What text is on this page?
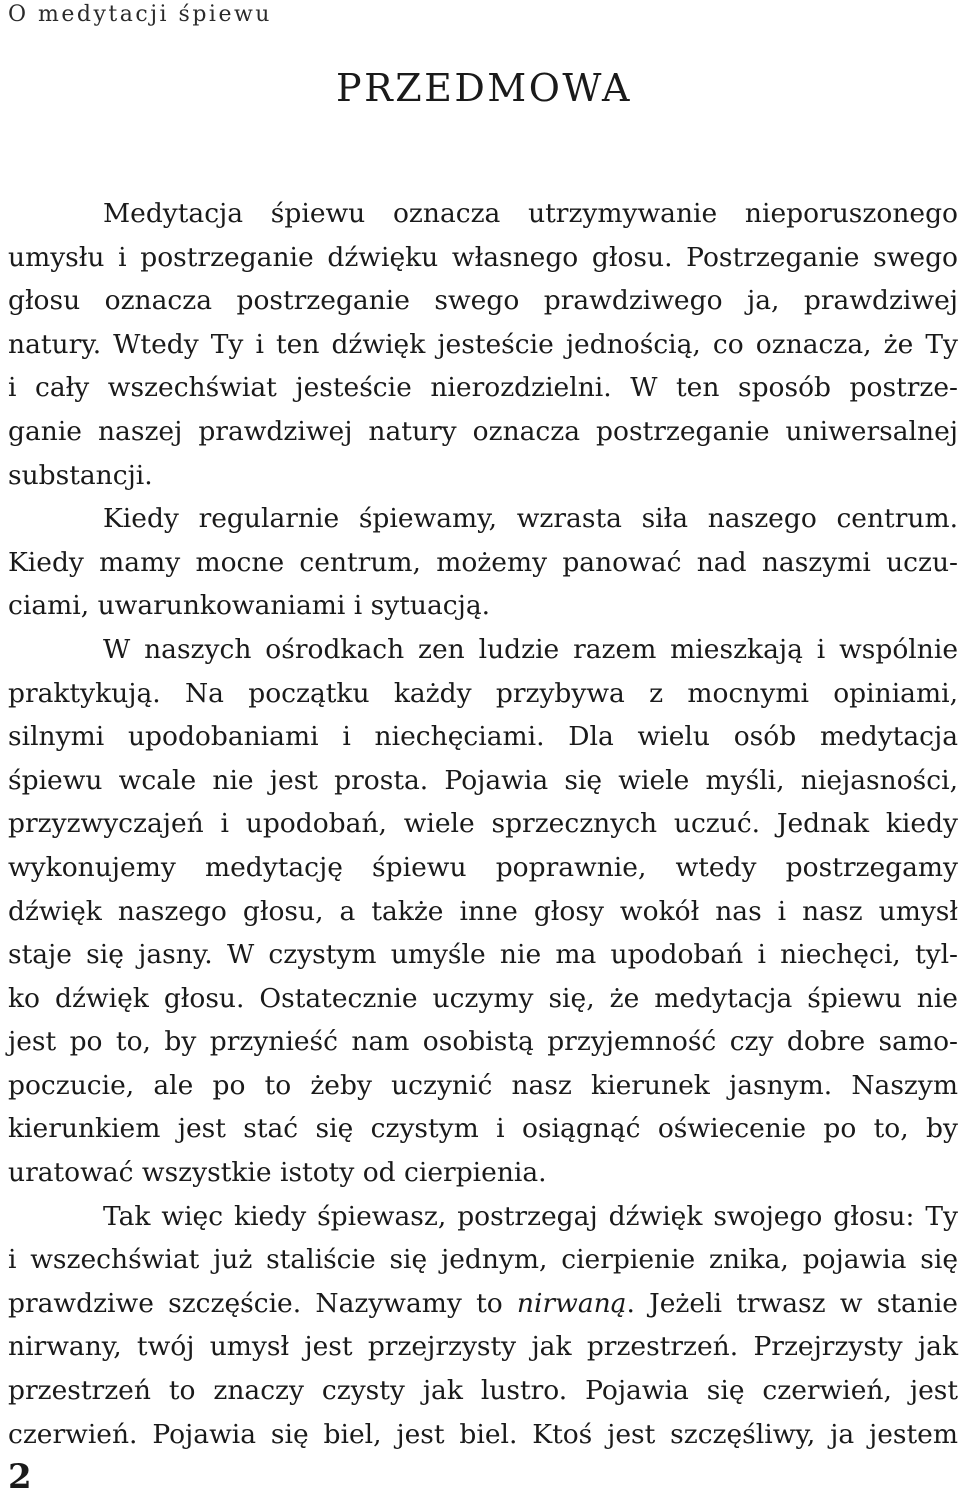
O medytacji śpiewu
PRZEDMOWA
Medytacja śpiewu oznacza utrzymywanie nieporuszonego
umysłu i postrzeganie dźwięku własnego głosu. Postrzeganie swego
głosu oznacza postrzeganie swego prawdziwego ja, prawdziwej
natury. Wtedy Ty i ten dźwięk jesteście jednością, co oznacza, że Ty
i cały wszechświat jesteście nierozdzielni. W ten sposób postrze-
ganie naszej prawdziwej natury oznacza postrzeganie uniwersalnej
substancji.
Kiedy regularnie śpiewamy, wzrasta siła naszego centrum.
Kiedy mamy mocne centrum, możemy panować nad naszymi uczu-
ciami, uwarunkowaniami i sytuacją.
W naszych ośrodkach zen ludzie razem mieszkają i wspólnie
praktykują. Na początku każdy przybywa z mocnymi opiniami,
silnymi upodobaniami i niechęciami. Dla wielu osób medytacja
śpiewu wcale nie jest prosta. Pojawia się wiele myśli, niejasności,
przyzwyczajeń i upodobań, wiele sprzecznych uczuć. Jednak kiedy
wykonujemy medytację śpiewu poprawnie, wtedy postrzegamy
dźwięk naszego głosu, a także inne głosy wokół nas i nasz umysł
staje się jasny. W czystym umyśle nie ma upodobań i niechęci, tyl-
ko dźwięk głosu. Ostatecznie uczymy się, że medytacja śpiewu nie
jest po to, by przynieść nam osobistą przyjemność czy dobre samo-
poczucie, ale po to żeby uczynić nasz kierunek jasnym. Naszym
kierunkiem jest stać się czystym i osiągnąć oświecenie po to, by
uratować wszystkie istoty od cierpienia.
Tak więc kiedy śpiewasz, postrzegaj dźwięk swojego głosu: Ty
i wszechświat już staliście się jednym, cierpienie znika, pojawia się
prawdziwe szczęście. Nazywamy to nirwaną. Jeżeli trwasz w stanie
nirwany, twój umysł jest przejrzysty jak przestrzeń. Przejrzysty jak
przestrzeń to znaczy czysty jak lustro. Pojawia się czerwień, jest
czerwień. Pojawia się biel, jest biel. Ktoś jest szczęśliwy, ja jestem
2
